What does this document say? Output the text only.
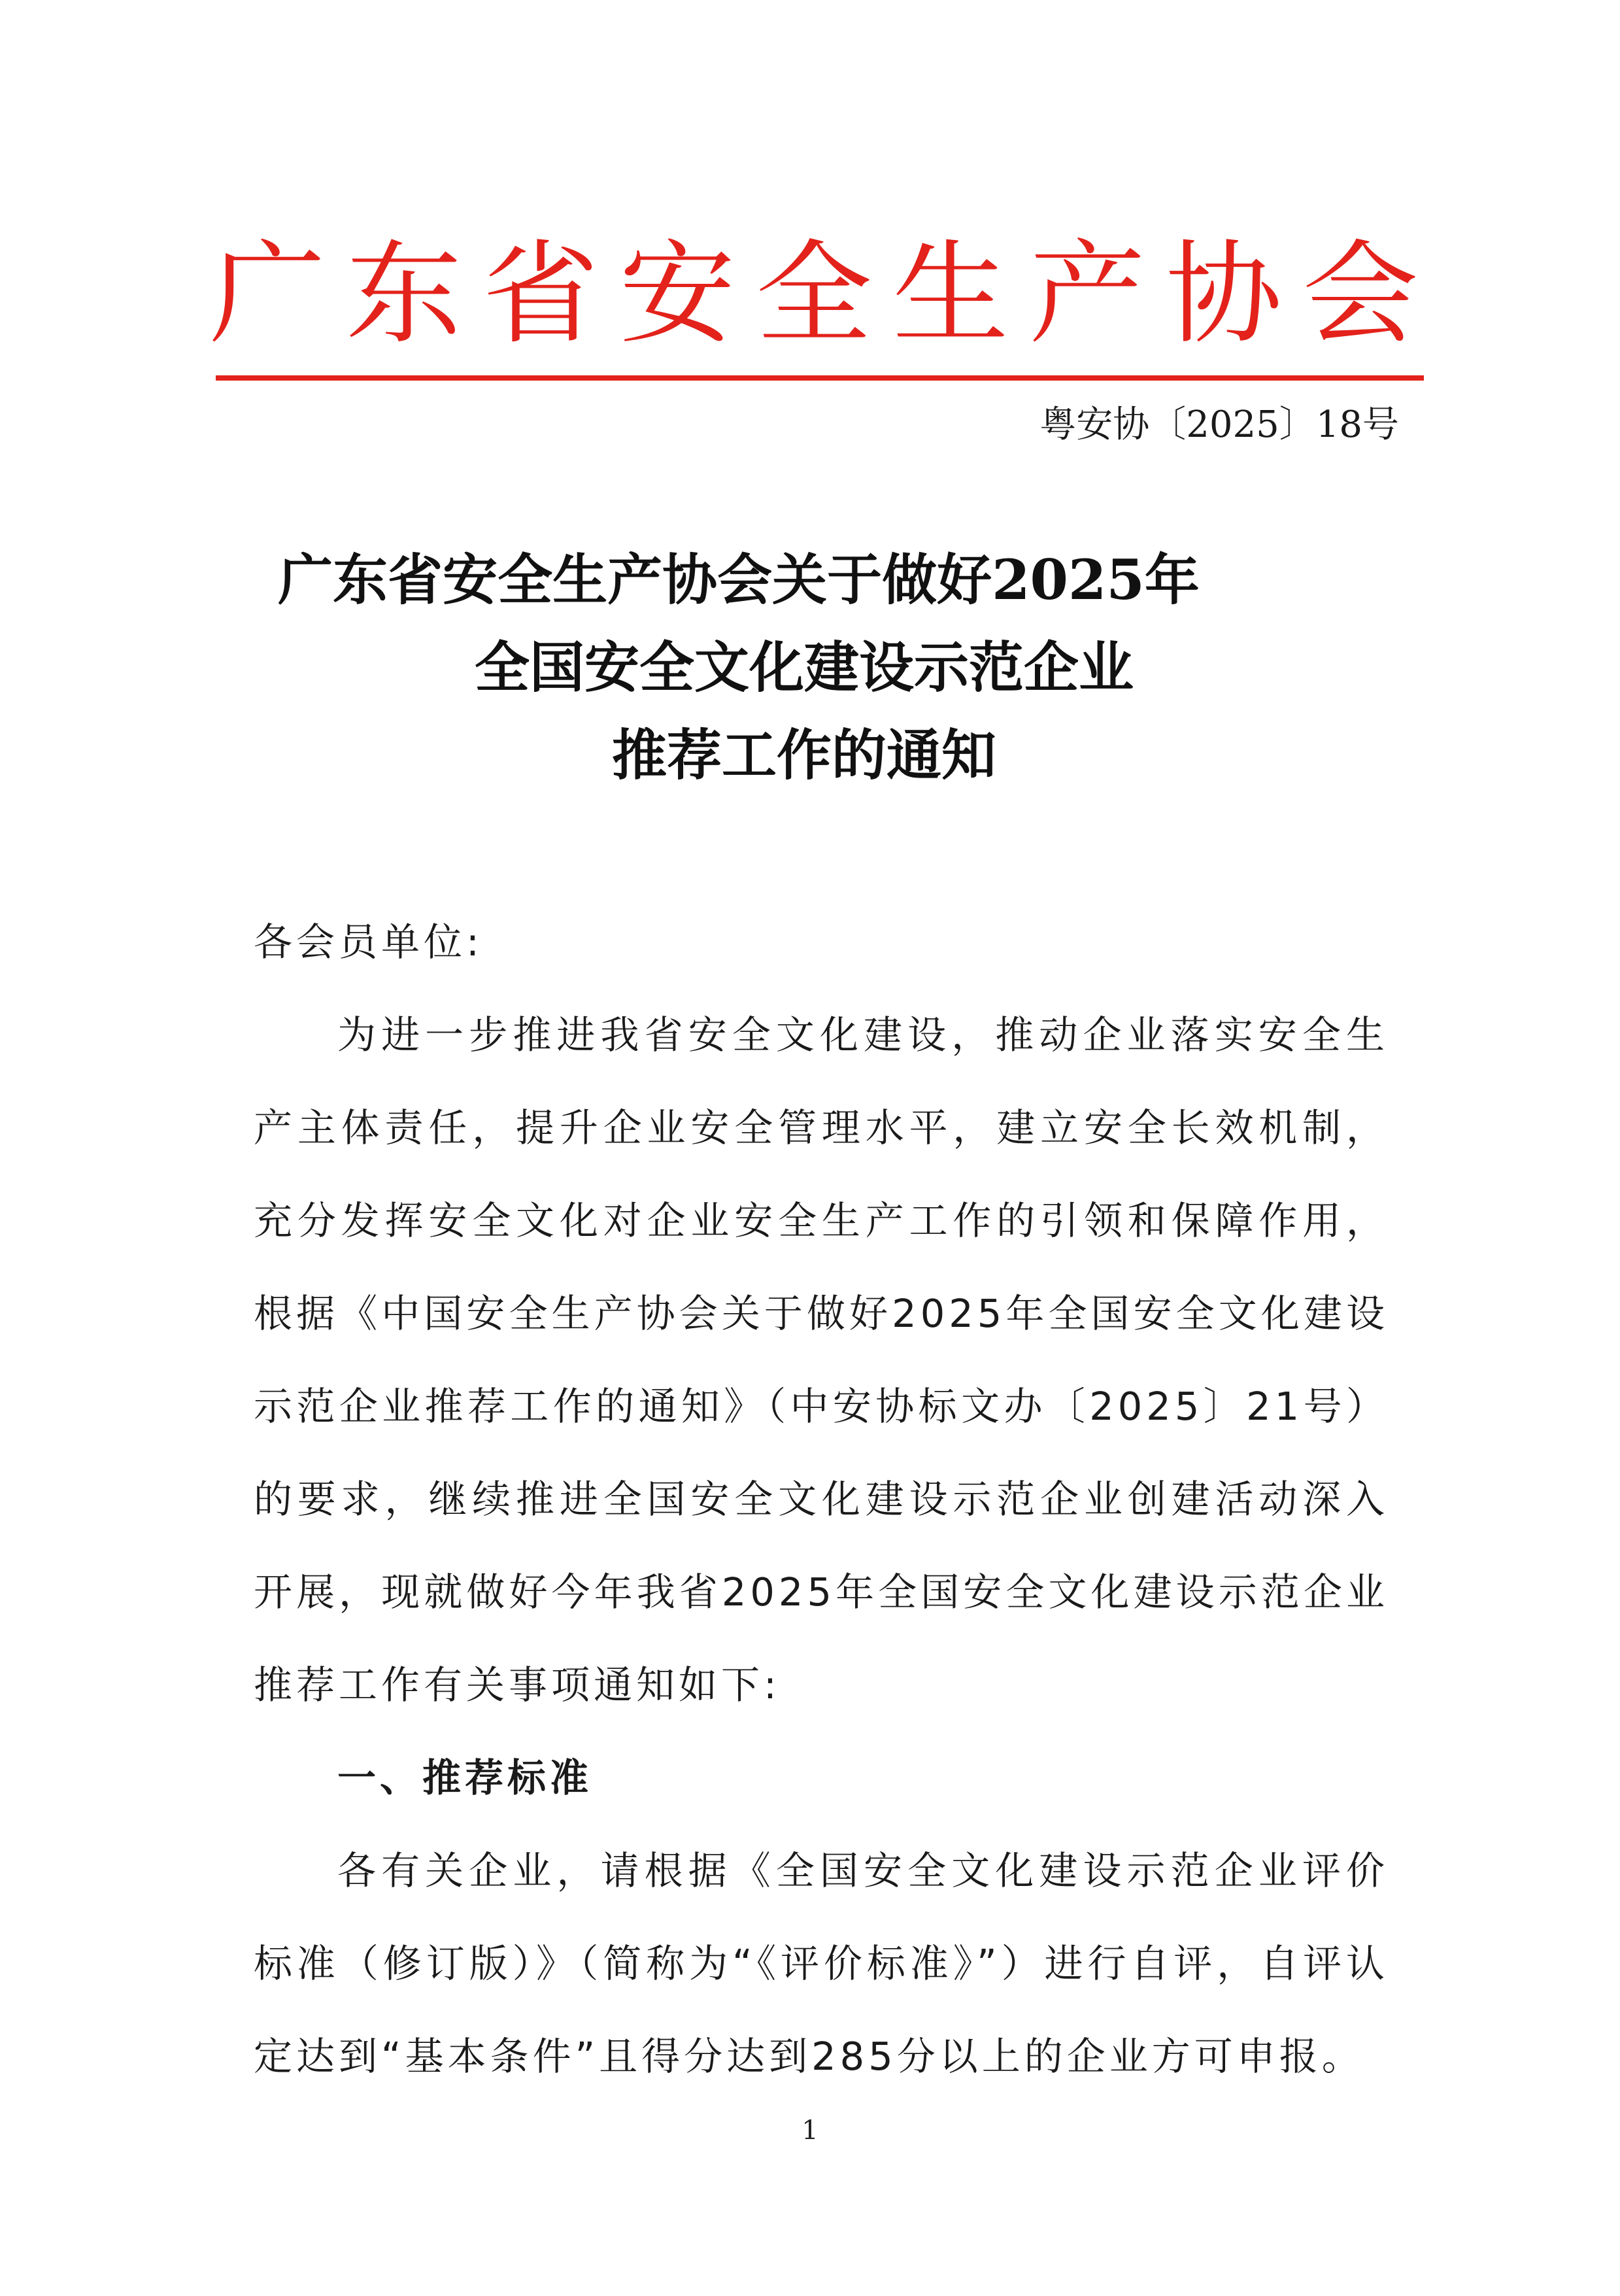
广 东 省 安 全 生 产 协 会
粤安协〔2025〕18号
广东省安全生产协会关于做好2025年
全国安全文化建设示范企业
推荐工作的通知

各会员单位:

为进一步推进我省安全文化建设，推动企业落实安全生产主体责任，提升企业安全管理水平，建立安全长效机制，充分发挥安全文化对企业安全生产工作的引领和保障作用，根据《中国安全生产协会关于做好2025年全国安全文化建设示范企业推荐工作的通知》（中安协标文办〔2025〕21号）的要求，继续推进全国安全文化建设示范企业创建活动深入开展，现就做好今年我省2025年全国安全文化建设示范企业推荐工作有关事项通知如下:

一、推荐标准

各有关企业，请根据《全国安全文化建设示范企业评价标准（修订版）》（简称为“《评价标准》”）进行自评，自评认定达到“基本条件”且得分达到285分以上的企业方可申报。

1
